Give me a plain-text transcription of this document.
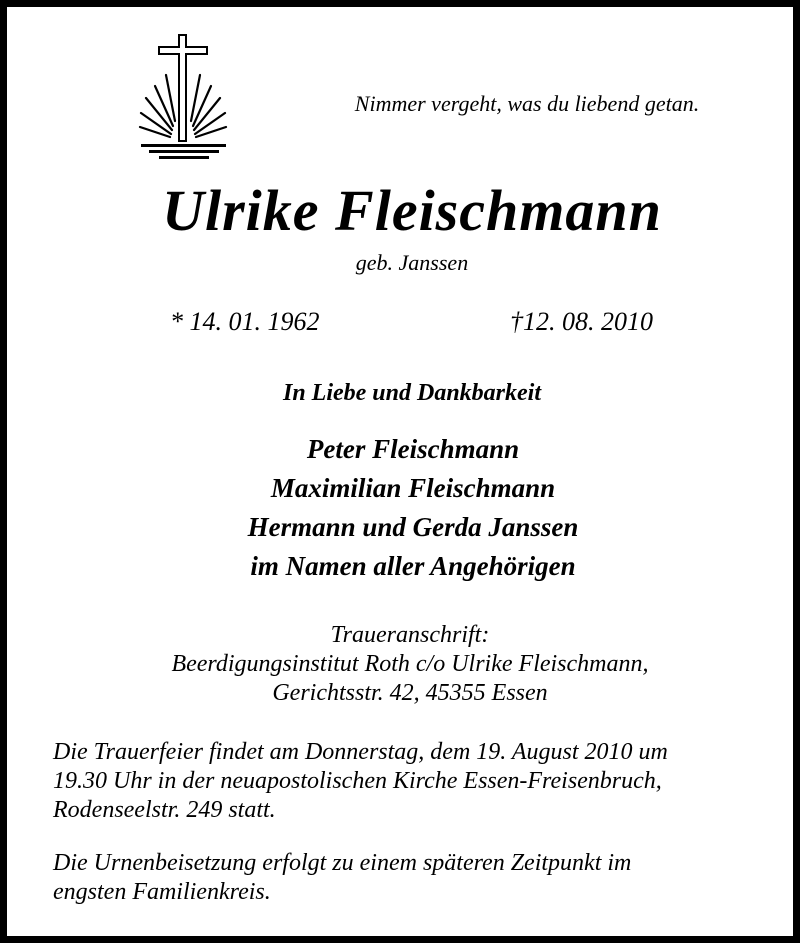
Nimmer vergeht, was du liebend getan.
Ulrike Fleischmann
geb. Janssen
* 14. 01. 1962	†12. 08. 2010
In Liebe und Dankbarkeit
Peter Fleischmann
Maximilian Fleischmann
Hermann und Gerda Janssen
im Namen aller Angehörigen
Traueranschrift:
Beerdigungsinstitut Roth c/o Ulrike Fleischmann,
Gerichtsstr. 42, 45355 Essen
Die Trauerfeier findet am Donnerstag, dem 19. August 2010 um
19.30 Uhr in der neuapostolischen Kirche Essen-Freisenbruch,
Rodenseelstr. 249 statt.
Die Urnenbeisetzung erfolgt zu einem späteren Zeitpunkt im
engsten Familienkreis.
